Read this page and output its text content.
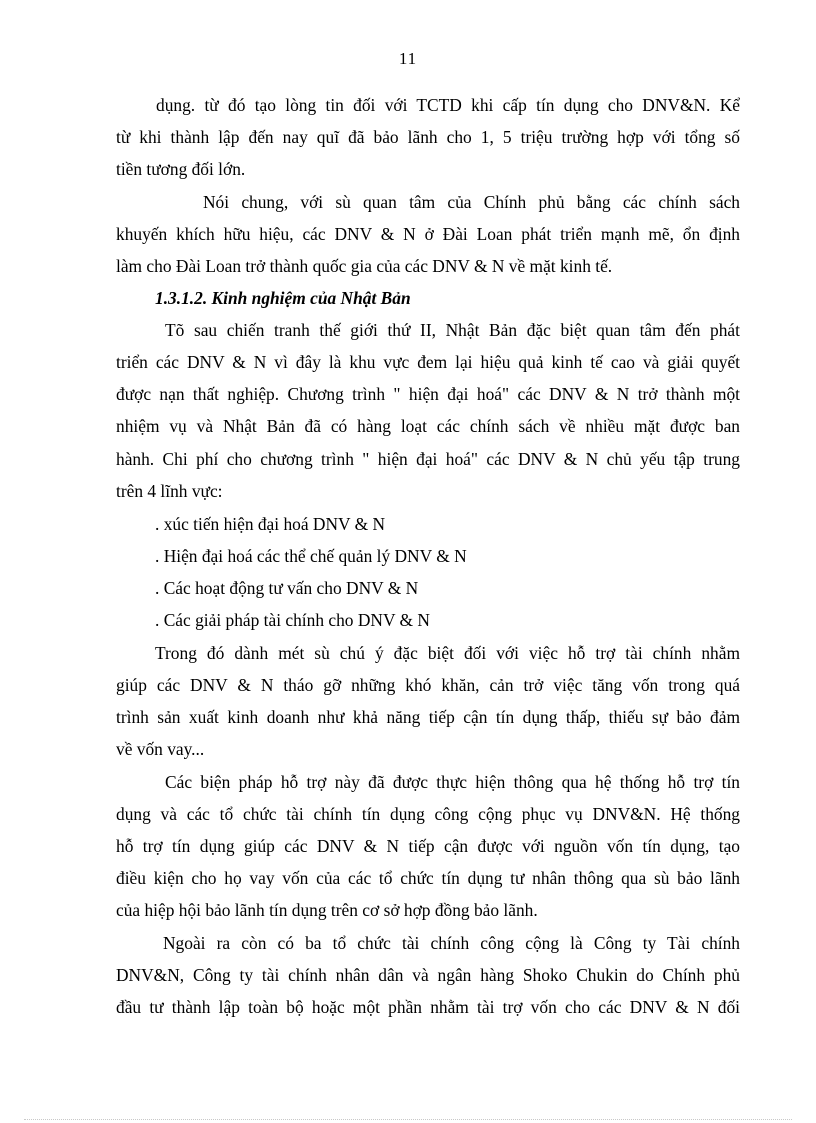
11
dụng. từ đó tạo lòng tin đối với TCTD khi cấp tín dụng cho DNV&N. Kể
từ khi thành lập đến nay quĩ đã bảo lãnh cho 1, 5 triệu trường hợp với tổng số
tiền tương đối lớn.
Nói chung, với sù quan tâm của Chính phủ bằng các chính sách
khuyến khích hữu hiệu, các DNV & N ở Đài Loan phát triển mạnh mẽ, ổn định
làm cho Đài Loan trở thành quốc gia của các DNV & N về mặt kinh tế.
1.3.1.2. Kinh nghiệm của Nhật Bản
Tõ sau chiến tranh thế giới thứ II, Nhật Bản đặc biệt quan tâm đến phát
triển các DNV & N vì đây là khu vực đem lại hiệu quả kinh tế cao và giải quyết
được nạn thất nghiệp. Chương trình " hiện đại hoá" các DNV & N trở thành một
nhiệm vụ và Nhật Bản đã có hàng loạt các chính sách về nhiều mặt được ban
hành. Chi phí cho chương trình " hiện đại hoá" các DNV & N chủ yếu tập trung
trên 4 lĩnh vực:
. xúc tiến hiện đại hoá DNV & N
. Hiện đại hoá các thể chế quản lý DNV & N
. Các hoạt động tư vấn cho DNV & N
. Các giải pháp tài chính cho DNV & N
Trong đó dành mét sù chú ý đặc biệt đối với việc hỗ trợ tài chính nhằm
giúp các DNV & N tháo gỡ những khó khăn, cản trở việc tăng vốn trong quá
trình sản xuất kinh doanh như khả năng tiếp cận tín dụng thấp, thiếu sự bảo đảm
về vốn vay...
Các biện pháp hỗ trợ này đã được thực hiện thông qua hệ thống hỗ trợ tín
dụng và các tổ chức tài chính tín dụng công cộng phục vụ DNV&N. Hệ thống
hỗ trợ tín dụng giúp các DNV & N tiếp cận được với nguồn vốn tín dụng, tạo
điều kiện cho họ vay vốn của các tổ chức tín dụng tư nhân thông qua sù bảo lãnh
của hiệp hội bảo lãnh tín dụng trên cơ sở hợp đồng bảo lãnh.
Ngoài ra còn có ba tổ chức tài chính công cộng là Công ty Tài chính
DNV&N, Công ty tài chính nhân dân và ngân hàng Shoko Chukin do Chính phủ
đầu tư thành lập toàn bộ hoặc một phần nhằm tài trợ vốn cho các DNV & N đối
